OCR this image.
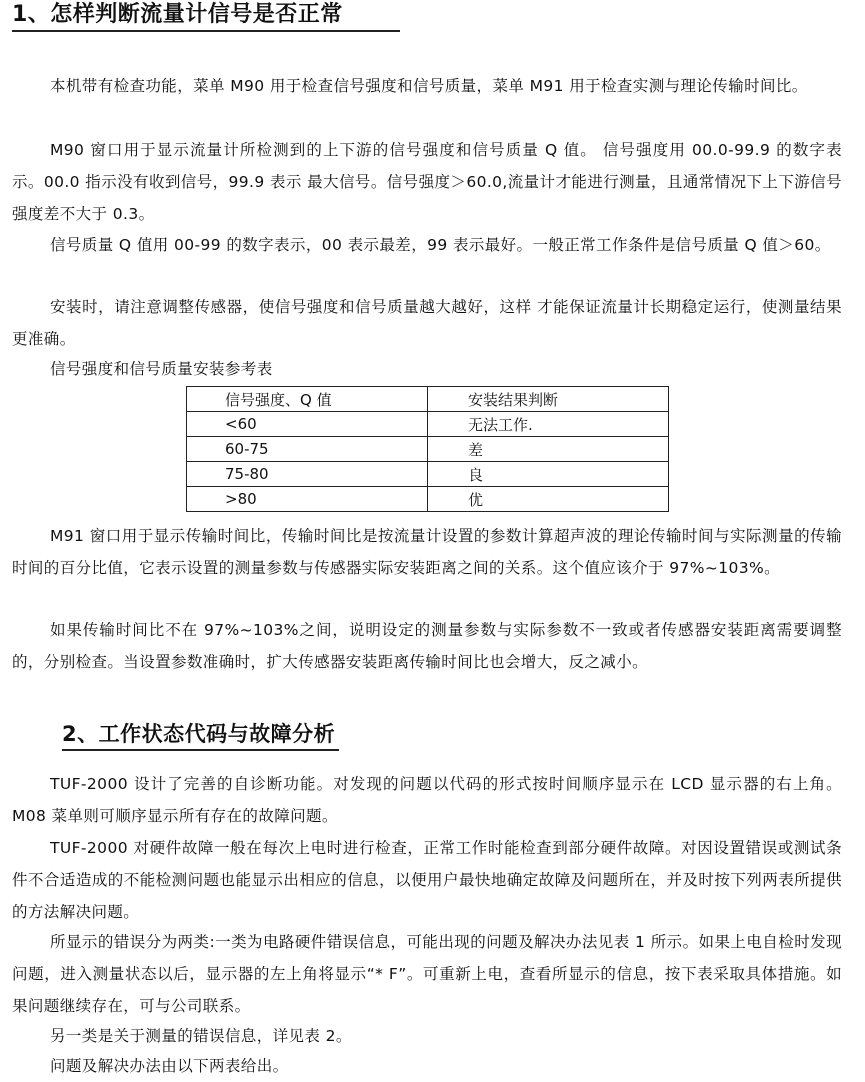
1、怎样判断流量计信号是否正常

本机带有检查功能，菜单 M90 用于检查信号强度和信号质量，菜单 M91 用于检查实测与理论传输时间比。

M90 窗口用于显示流量计所检测到的上下游的信号强度和信号质量 Q 值。 信号强度用 00.0-99.9 的数字表示。00.0 指示没有收到信号，99.9 表示 最大信号。信号强度＞60.0,流量计才能进行测量，且通常情况下上下游信号强度差不大于 0.3。

信号质量 Q 值用 00-99 的数字表示，00 表示最差，99 表示最好。一般正常工作条件是信号质量 Q 值＞60。

安装时，请注意调整传感器，使信号强度和信号质量越大越好，这样 才能保证流量计长期稳定运行，使测量结果更准确。

信号强度和信号质量安装参考表

信号强度、Q 值	安装结果判断
<60	无法工作.
60-75	差
75-80	良
>80	优

M91 窗口用于显示传输时间比，传输时间比是按流量计设置的参数计算超声波的理论传输时间与实际测量的传输时间的百分比值，它表示设置的测量参数与传感器实际安装距离之间的关系。这个值应该介于 97%~103%。

如果传输时间比不在 97%~103%之间，说明设定的测量参数与实际参数不一致或者传感器安装距离需要调整的，分别检查。当设置参数准确时，扩大传感器安装距离传输时间比也会增大，反之减小。

2、工作状态代码与故障分析

TUF-2000 设计了完善的自诊断功能。对发现的问题以代码的形式按时间顺序显示在 LCD 显示器的右上角。M08 菜单则可顺序显示所有存在的故障问题。

TUF-2000 对硬件故障一般在每次上电时进行检查，正常工作时能检查到部分硬件故障。对因设置错误或测试条件不合适造成的不能检测问题也能显示出相应的信息，以便用户最快地确定故障及问题所在，并及时按下列两表所提供的方法解决问题。

所显示的错误分为两类:一类为电路硬件错误信息，可能出现的问题及解决办法见表 1 所示。如果上电自检时发现问题，进入测量状态以后，显示器的左上角将显示“* F”。可重新上电，查看所显示的信息，按下表采取具体措施。如果问题继续存在，可与公司联系。

另一类是关于测量的错误信息，详见表 2。

问题及解决办法由以下两表给出。
